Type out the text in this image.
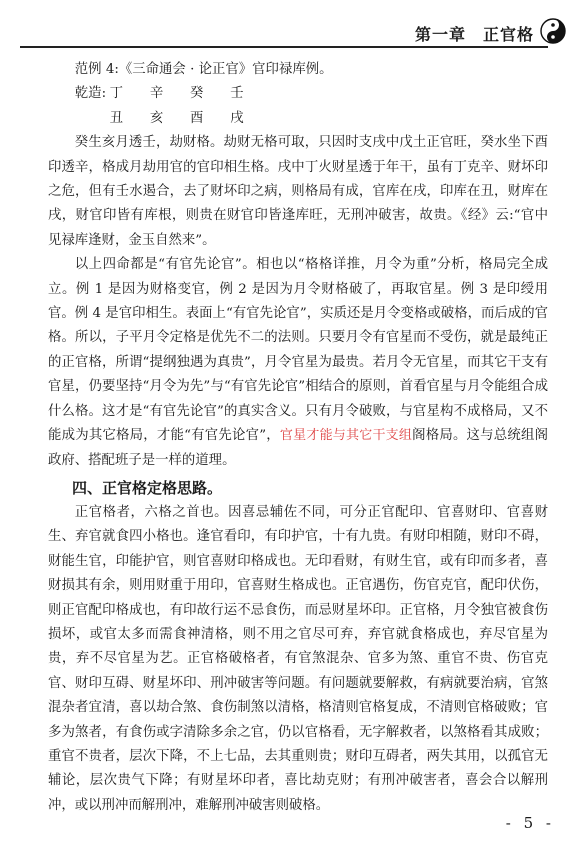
第一章　正官格
范例 4:《三命通会 · 论正官》官印禄库例。
乾造: 丁 辛 癸 壬
丑 亥 酉 戌

癸生亥月透壬，劫财格。劫财无格可取，只因时支戌中戊土正官旺，癸水坐下酉印透辛，格成月劫用官的官印相生格。戌中丁火财星透于年干，虽有丁克辛、财坏印之危，但有壬水遏合，去了财坏印之病，则格局有成，官库在戌，印库在丑，财库在戌，财官印皆有库根，则贵在财官印皆逢库旺，无刑冲破害，故贵。《经》云:“官中见禄库逢财，金玉自然来”。

以上四命都是“有官先论官”。相也以“格格详推，月令为重”分析，格局完全成立。例 1 是因为财格变官，例 2 是因为月令财格破了，再取官星。例 3 是印绶用官。例 4 是官印相生。表面上“有官先论官”，实质还是月令变格或破格，而后成的官格。所以，子平月令定格是优先不二的法则。只要月令有官星而不受伤，就是最纯正的正官格，所谓“提纲独遇为真贵”，月令官星为最贵。若月令无官星，而其它干支有官星，仍要坚持“月令为先”与“有官先论官”相结合的原则，首看官星与月令能组合成什么格。这才是“有官先论官”的真实含义。只有月令破败，与官星构不成格局，又不能成为其它格局，才能“有官先论官”，官星才能与其它干支组阁格局。这与总统组阁政府、搭配班子是一样的道理。

四、正官格定格思路。

正官格者，六格之首也。因喜忌辅佐不同，可分正官配印、官喜财印、官喜财生、弃官就食四小格也。逢官看印，有印护官，十有九贵。有财印相随，财印不碍，财能生官，印能护官，则官喜财印格成也。无印看财，有财生官，或有印而多者，喜财损其有余，则用财重于用印，官喜财生格成也。正官遇伤，伤官克官，配印伏伤，则正官配印格成也，有印故行运不忌食伤，而忌财星坏印。正官格，月令独官被食伤损坏，或官太多而需食神清格，则不用之官尽可弃，弃官就食格成也，弃尽官星为贵，弃不尽官星为艺。正官格破格者，有官煞混杂、官多为煞、重官不贵、伤官克官、财印互碍、财星坏印、刑冲破害等问题。有问题就要解救，有病就要治病，官煞混杂者宜清，喜以劫合煞、食伤制煞以清格，格清则官格复成，不清则官格破败；官多为煞者，有食伤或字清除多余之官，仍以官格看，无字解救者，以煞格看其成败；重官不贵者，层次下降，不上七品，去其重则贵；财印互碍者，两失其用，以孤官无辅论，层次贵气下降；有财星坏印者，喜比劫克财；有刑冲破害者，喜会合以解刑冲，或以刑冲而解刑冲，难解刑冲破害则破格。

- 5 -
